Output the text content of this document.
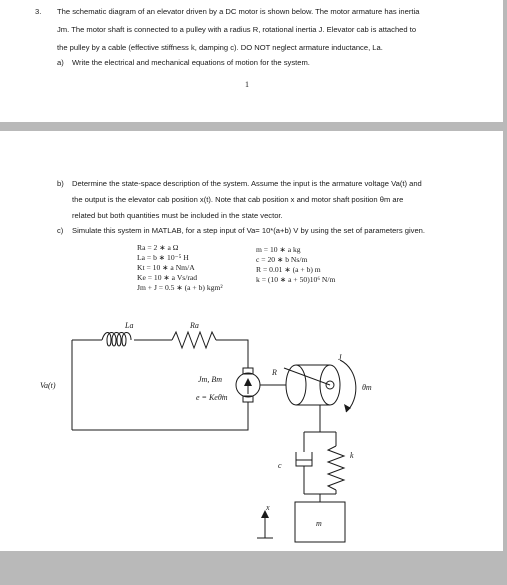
3. The schematic diagram of an elevator driven by a DC motor is shown below. The motor armature has inertia
Jm. The motor shaft is connected to a pulley with a radius R, rotational inertia J. Elevator cab is attached to
the pulley by a cable (effective stiffness k, damping c). DO NOT neglect armature inductance, La.
a) Write the electrical and mechanical equations of motion for the system.
1
b) Determine the state-space description of the system. Assume the input is the armature voltage Va(t) and
the output is the elevator cab position x(t). Note that cab position x and motor shaft position θm are
related but both quantities must be included in the state vector.
c) Simulate this system in MATLAB, for a step input of Va= 10*(a+b) V by using the set of parameters given.
Ra = 2 ∗ a Ω
La = b ∗ 10⁻⁵ H
Kt = 10 ∗ a Nm/A
Ke = 10 ∗ a Vs/rad
Jm + J = 0.5 ∗ (a + b) kgm²
m = 10 ∗ a kg
c = 20 ∗ b Ns/m
R = 0.01 ∗ (a + b) m
k = (10 ∗ a + 50)10⁶ N/m
La	Ra
Va(t)
Jm, Bm
e = Keθ̇m
R
J
θm
k
c
x
m
